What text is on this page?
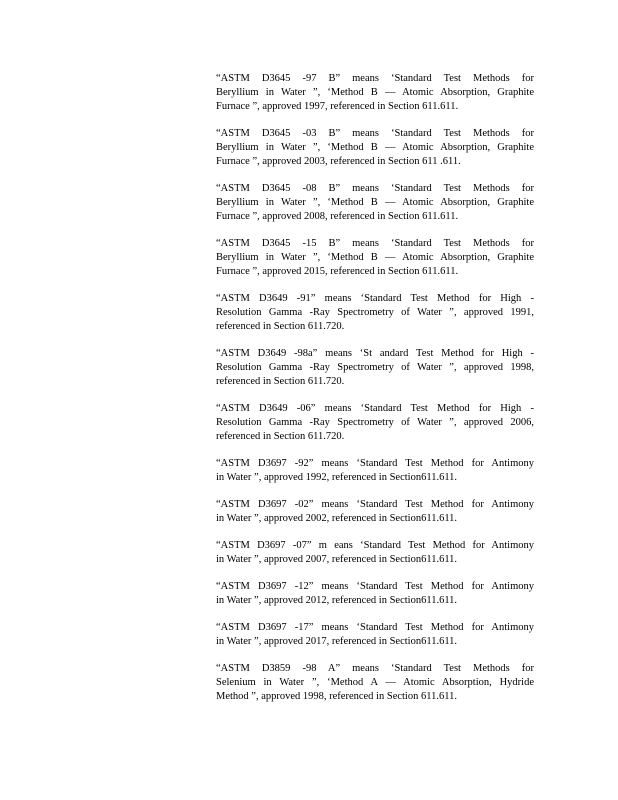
“ASTM D3645 -97 B” means ‘Standard Test Methods for
Beryllium in Water ”, ‘Method B — Atomic Absorption, Graphite
Furnace ”, approved 1997, referenced in Section 611.611.
“ASTM D3645 -03 B” means ‘Standard Test Methods for
Beryllium in Water ”, ‘Method B — Atomic Absorption, Graphite
Furnace ”, approved 2003, referenced in Section 611 .611.
“ASTM D3645 -08 B” means ‘Standard Test Methods for
Beryllium in Water ”, ‘Method B — Atomic Absorption, Graphite
Furnace ”, approved 2008, referenced in Section 611.611.
“ASTM D3645 -15 B” means ‘Standard Test Methods for
Beryllium in Water ”, ‘Method B — Atomic Absorption, Graphite
Furnace ”, approved 2015, referenced in Section 611.611.
“ASTM D3649 -91” means ‘Standard Test Method for High -
Resolution Gamma -Ray Spectrometry of Water ”, approved 1991,
referenced in Section 611.720.
“ASTM D3649 -98a” means ‘St andard Test Method for High -
Resolution Gamma -Ray Spectrometry of Water ”, approved 1998,
referenced in Section 611.720.
“ASTM D3649 -06” means ‘Standard Test Method for High -
Resolution Gamma -Ray Spectrometry of Water ”, approved 2006,
referenced in Section 611.720.
“ASTM D3697 -92” means ‘Standard Test Method for Antimony
in Water ”, approved 1992, referenced in Section611.611.
“ASTM D3697 -02” means ‘Standard Test Method for Antimony
in Water ”, approved 2002, referenced in Section611.611.
“ASTM D3697 -07” m eans ‘Standard Test Method for Antimony
in Water ”, approved 2007, referenced in Section611.611.
“ASTM D3697 -12” means ‘Standard Test Method for Antimony
in Water ”, approved 2012, referenced in Section611.611.
“ASTM D3697 -17” means ‘Standard Test Method for Antimony
in Water ”, approved 2017, referenced in Section611.611.
“ASTM D3859 -98 A” means ‘Standard Test Methods for
Selenium in Water ”, ‘Method A — Atomic Absorption, Hydride
Method ”, approved 1998, referenced in Section 611.611.
